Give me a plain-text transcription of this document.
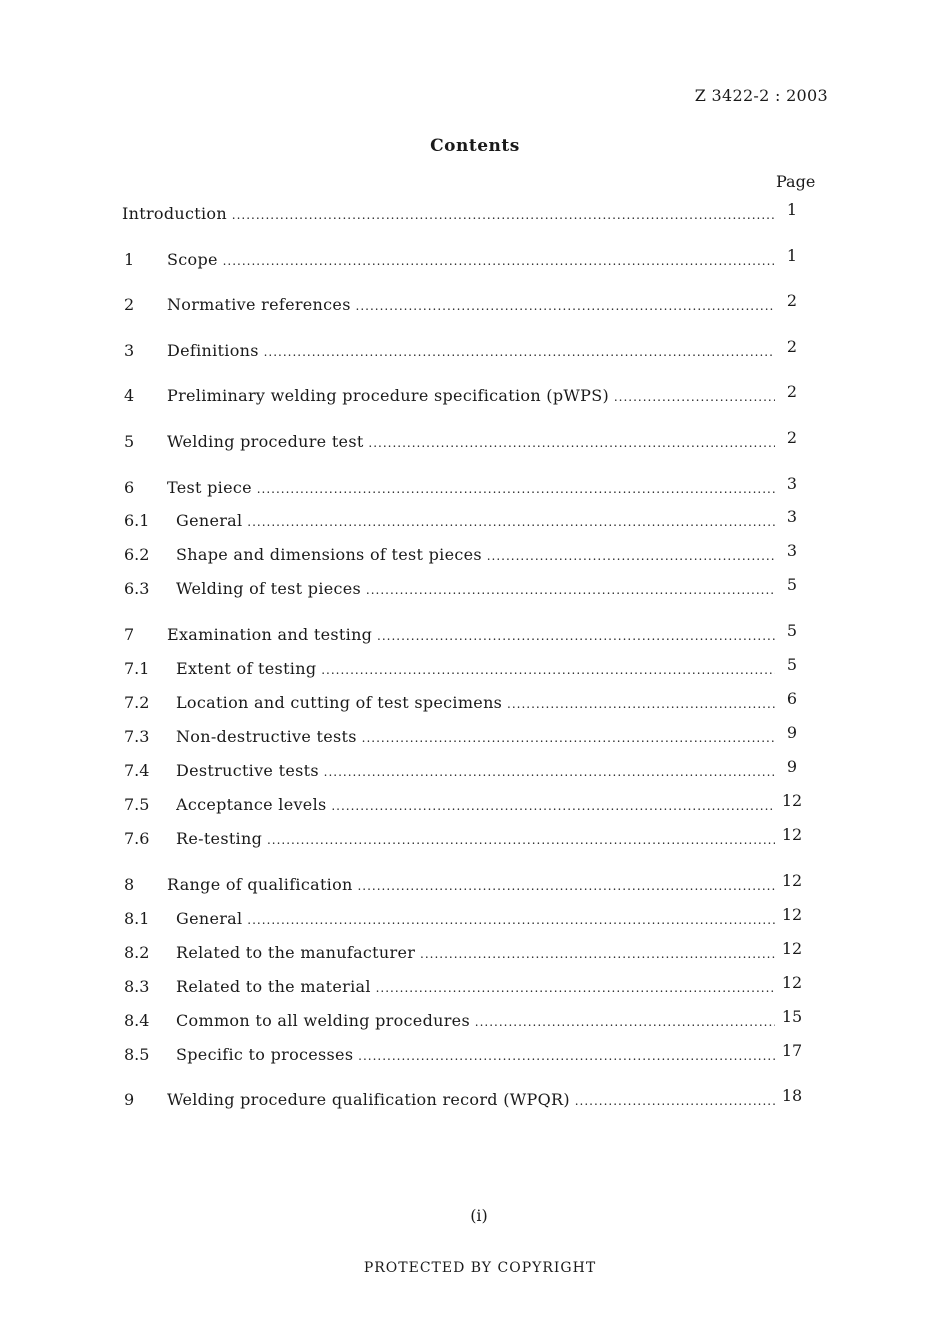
Z 3422-2 : 2003
Contents
Page
Introduction .....	1
1 Scope .....	1
2 Normative references .....	2
3 Definitions .....	2
4 Preliminary welding procedure specification (pWPS) .....	2
5 Welding procedure test .....	2
6 Test piece .....	3
6.1 General .....	3
6.2 Shape and dimensions of test pieces .....	3
6.3 Welding of test pieces .....	5
7 Examination and testing .....	5
7.1 Extent of testing .....	5
7.2 Location and cutting of test specimens .....	6
7.3 Non-destructive tests .....	9
7.4 Destructive tests .....	9
7.5 Acceptance levels .....	12
7.6 Re-testing .....	12
8 Range of qualification .....	12
8.1 General .....	12
8.2 Related to the manufacturer .....	12
8.3 Related to the material .....	12
8.4 Common to all welding procedures .....	15
8.5 Specific to processes .....	17
9 Welding procedure qualification record (WPQR) .....	18
(i)
PROTECTED BY COPYRIGHT
